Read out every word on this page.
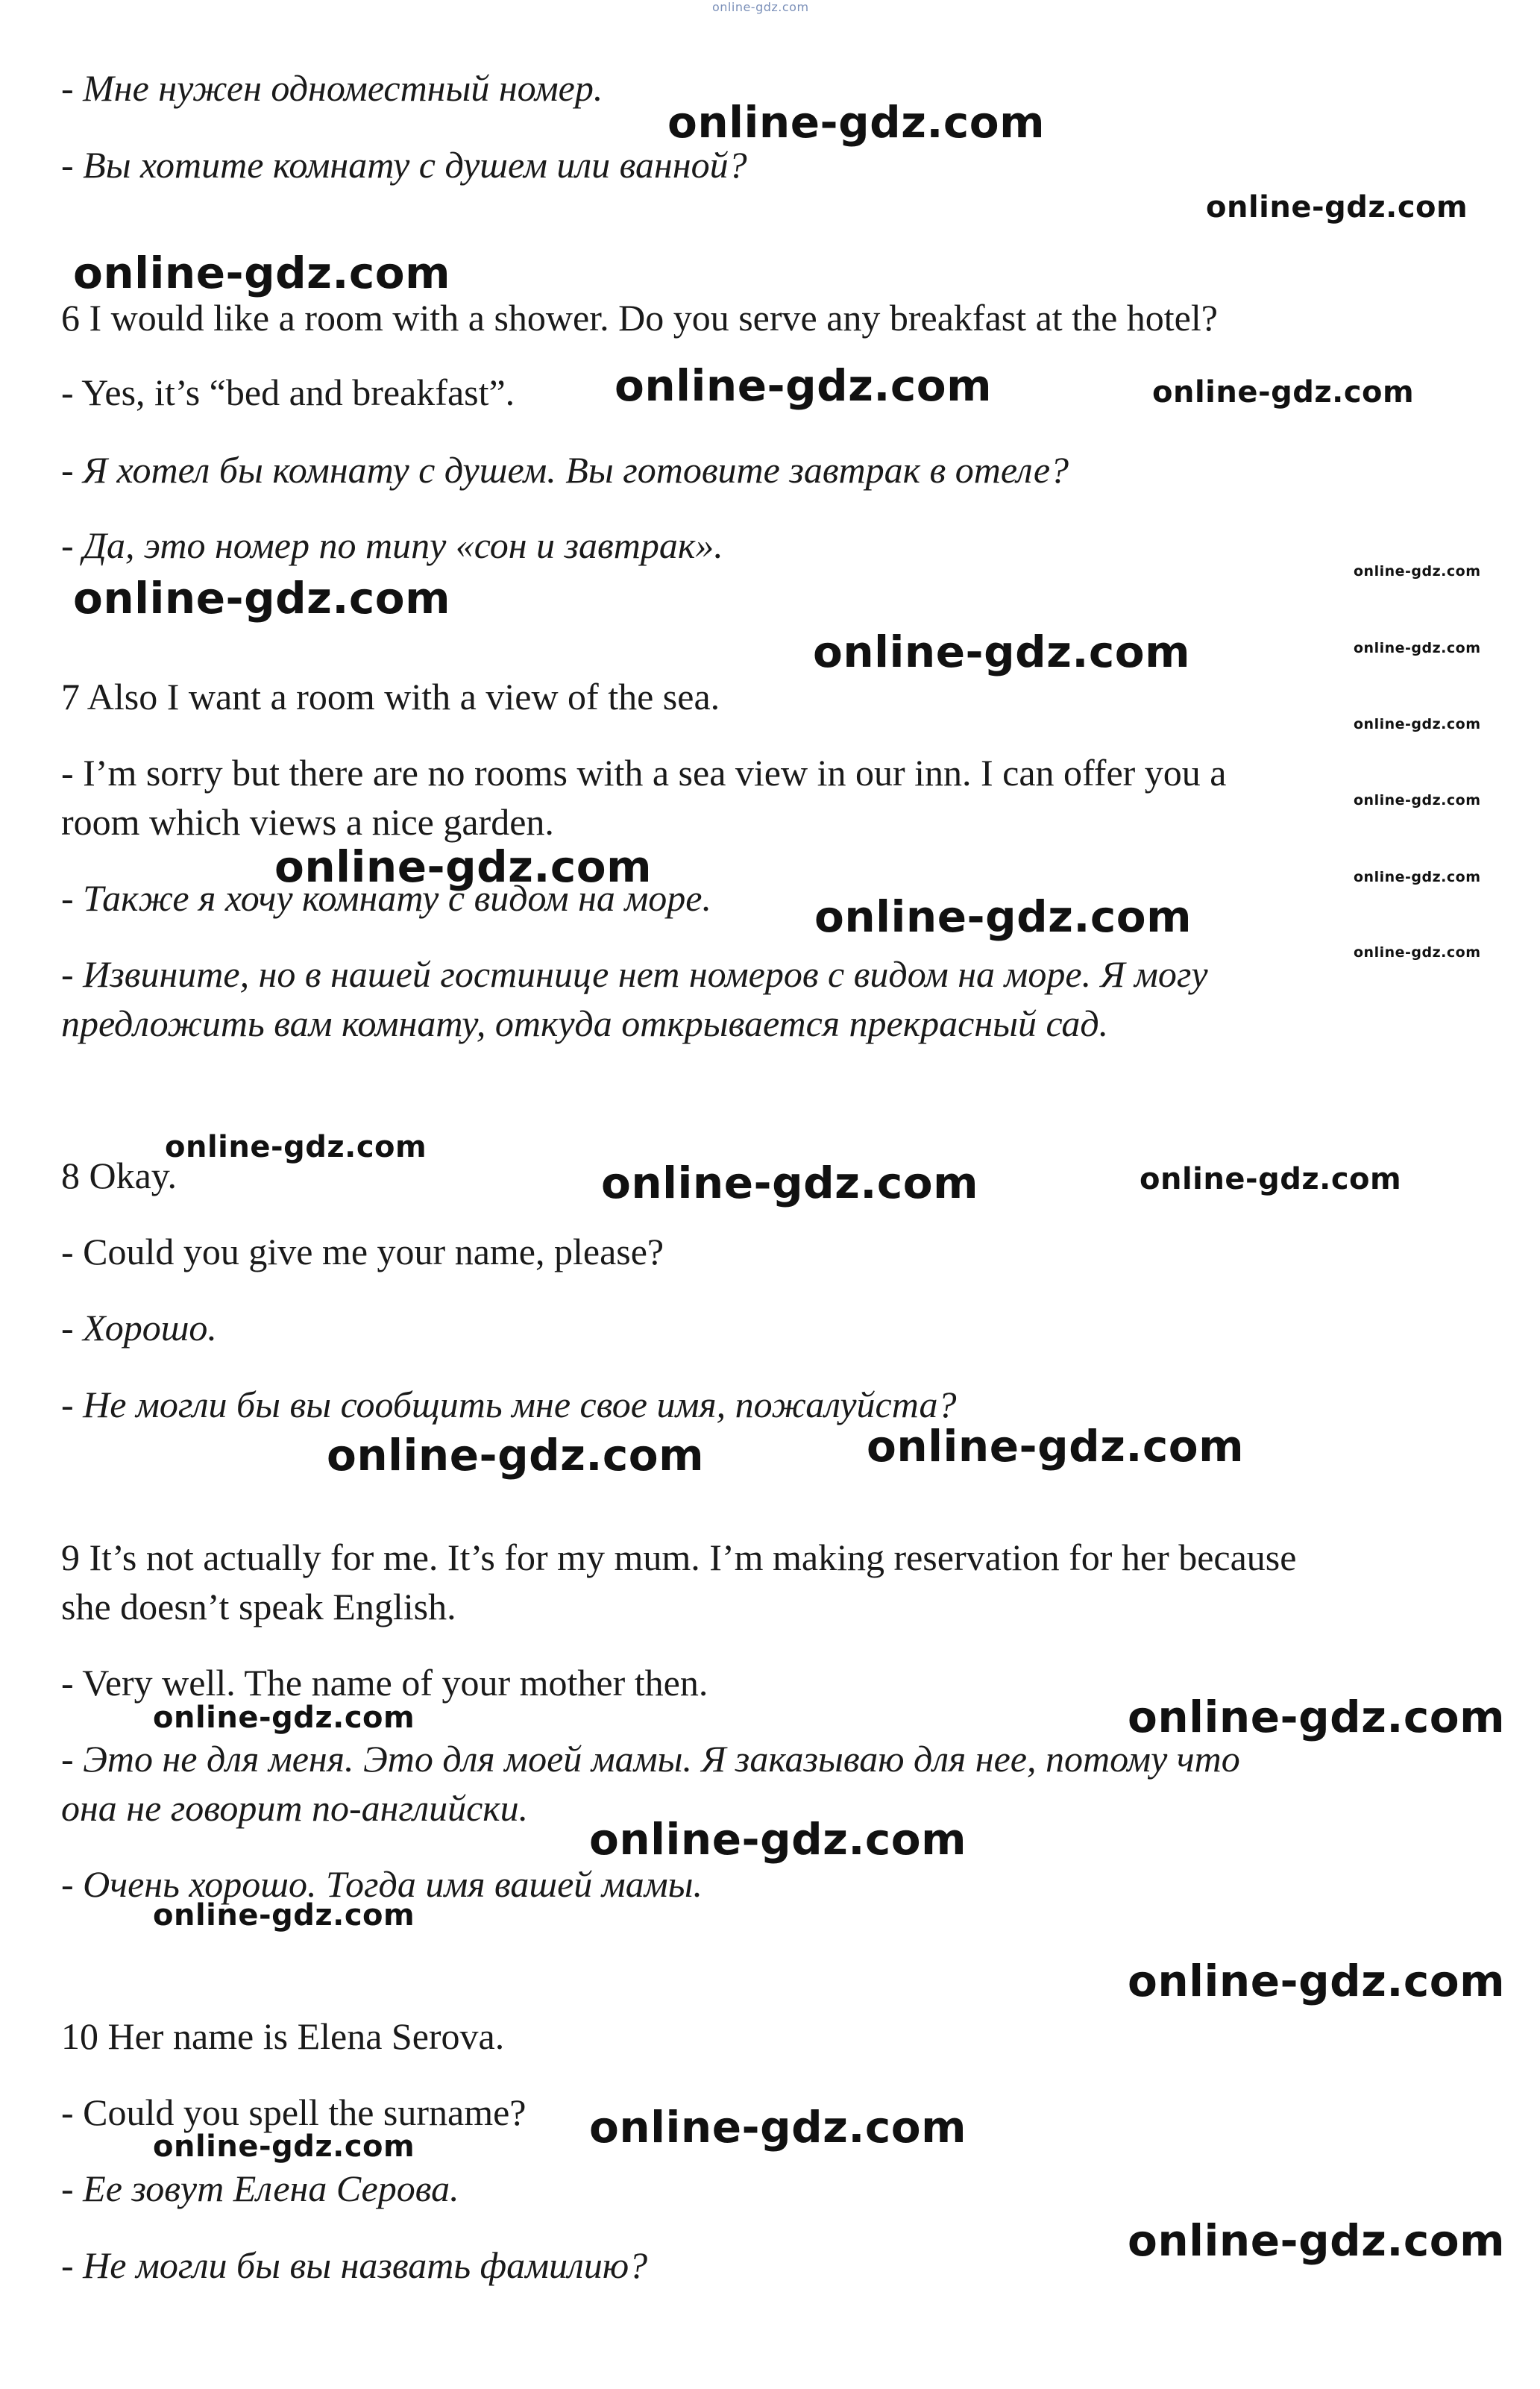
- Мне нужен одноместный номер.

- Вы хотите комнату с душем или ванной?

6 I would like a room with a shower. Do you serve any breakfast at the hotel?

- Yes, it’s “bed and breakfast”.

- Я хотел бы комнату с душем. Вы готовите завтрак в отеле?

- Да, это номер по типу «сон и завтрак».

7 Also I want a room with a view of the sea.

- I’m sorry but there are no rooms with a sea view in our inn. I can offer you a

room which views a nice garden.

- Также я хочу комнату с видом на море.

- Извините, но в нашей гостинице нет номеров с видом на море. Я могу

предложить вам комнату, откуда открывается прекрасный сад.

8 Okay.

- Could you give me your name, please?

- Хорошо.

- Не могли бы вы сообщить мне свое имя, пожалуйста?

9 It’s not actually for me. It’s for my mum. I’m making reservation for her because

she doesn’t speak English.

- Very well. The name of your mother then.

- Это не для меня. Это для моей мамы. Я заказываю для нее, потому что

она не говорит по-английски.

- Очень хорошо. Тогда имя вашей мамы.

10 Her name is Elena Serova.

- Could you spell the surname?

- Ее зовут Елена Серова.

- Не могли бы вы назвать фамилию?

online-gdz.com
online-gdz.com
online-gdz.com
online-gdz.com
online-gdz.com	online-gdz.com
online-gdz.com
online-gdz.com
online-gdz.com	online-gdz.com
online-gdz.com
online-gdz.com
online-gdz.com	online-gdz.com
online-gdz.com
online-gdz.com
online-gdz.com
online-gdz.com	online-gdz.com
online-gdz.com
online-gdz.com
online-gdz.com	online-gdz.com
online-gdz.com
online-gdz.com
online-gdz.com
online-gdz.com
online-gdz.com
online-gdz.com
